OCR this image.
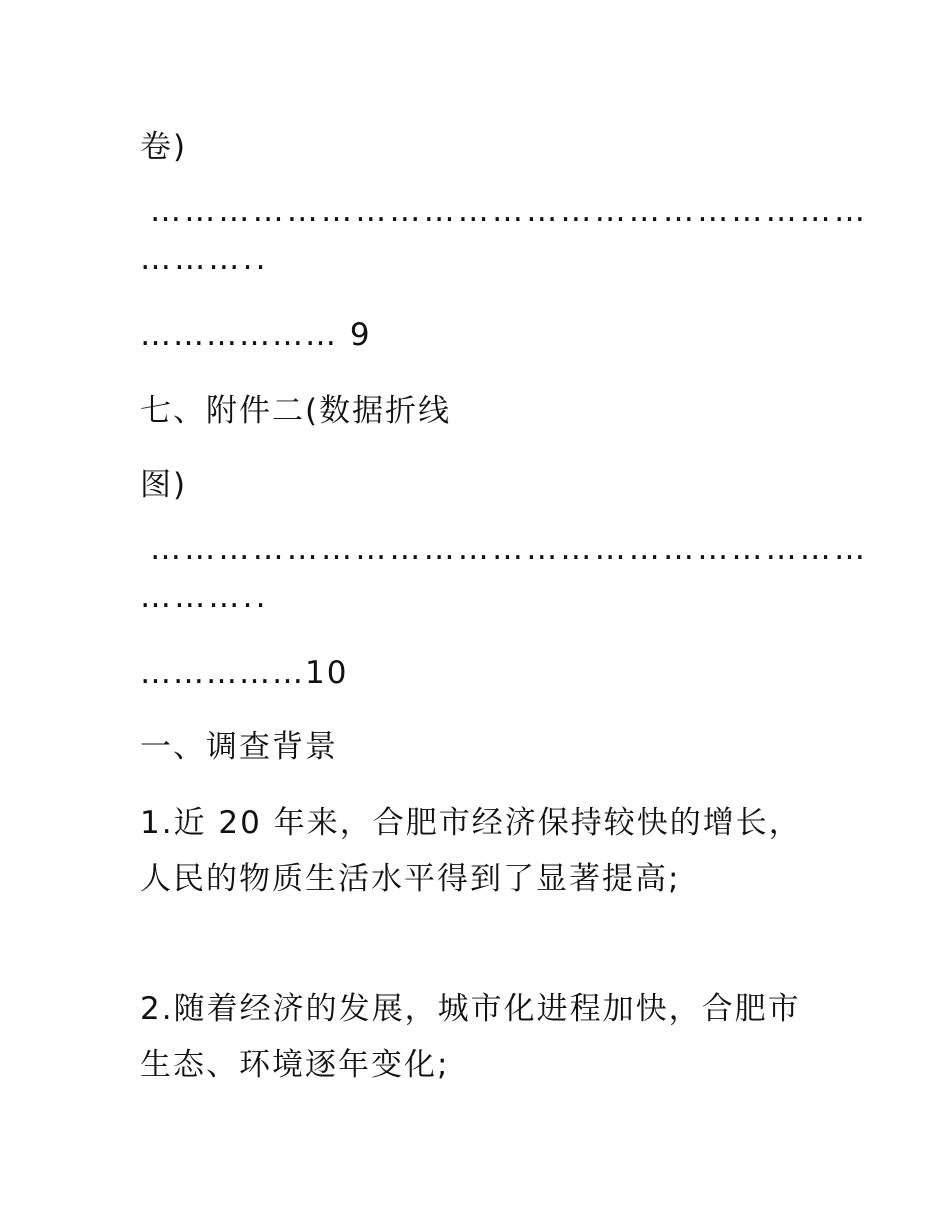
卷)
………………………………………………………
………..
……………… 9
七、附件二(数据折线
图)
………………………………………………………
………..
……………10
一、调查背景
1.近 20 年来，合肥市经济保持较快的增长，人民的物质生活水平得到了显著提高;
2.随着经济的发展，城市化进程加快，合肥市生态、环境逐年变化;
